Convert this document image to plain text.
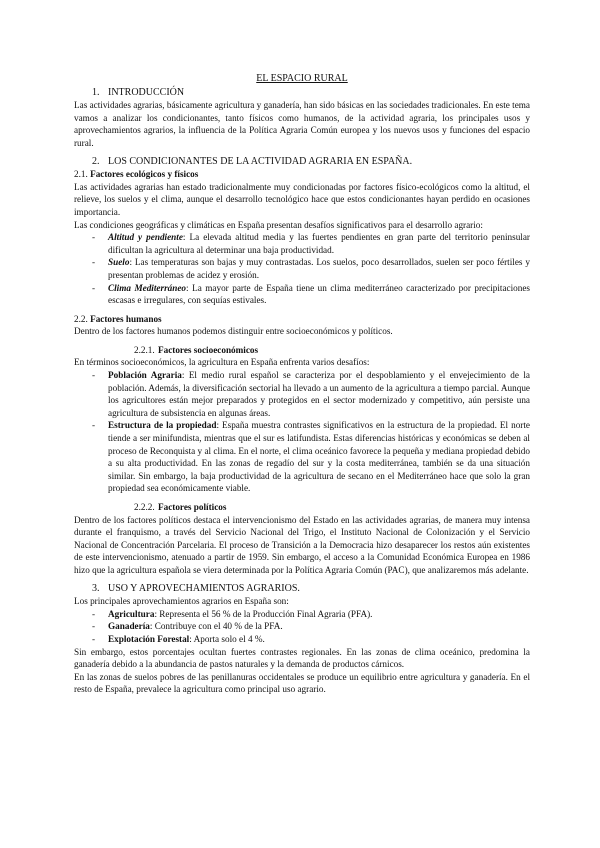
EL ESPACIO RURAL
1. INTRODUCCIÓN

Las actividades agrarias, básicamente agricultura y ganadería, han sido básicas en las sociedades tradicionales. En este tema vamos a analizar los condicionantes, tanto físicos como humanos, de la actividad agraria, los principales usos y aprovechamientos agrarios, la influencia de la Política Agraria Común europea y los nuevos usos y funciones del espacio rural.

2. LOS CONDICIONANTES DE LA ACTIVIDAD AGRARIA EN ESPAÑA.
2.1. Factores ecológicos y físicos

Las actividades agrarias han estado tradicionalmente muy condicionadas por factores físico-ecológicos como la altitud, el relieve, los suelos y el clima, aunque el desarrollo tecnológico hace que estos condicionantes hayan perdido en ocasiones importancia.

Las condiciones geográficas y climáticas en España presentan desafíos significativos para el desarrollo agrario:

- Altitud y pendiente: La elevada altitud media y las fuertes pendientes en gran parte del territorio peninsular dificultan la agricultura al determinar una baja productividad.
- Suelo: Las temperaturas son bajas y muy contrastadas. Los suelos, poco desarrollados, suelen ser poco fértiles y presentan problemas de acidez y erosión.
- Clima Mediterráneo: La mayor parte de España tiene un clima mediterráneo caracterizado por precipitaciones escasas e irregulares, con sequías estivales.
2.2. Factores humanos

Dentro de los factores humanos podemos distinguir entre socioeconómicos y políticos.

2.2.1. Factores socioeconómicos

En términos socioeconómicos, la agricultura en España enfrenta varios desafíos:

- Población Agraria: El medio rural español se caracteriza por el despoblamiento y el envejecimiento de la población. Además, la diversificación sectorial ha llevado a un aumento de la agricultura a tiempo parcial. Aunque los agricultores están mejor preparados y protegidos en el sector modernizado y competitivo, aún persiste una agricultura de subsistencia en algunas áreas.
- Estructura de la propiedad: España muestra contrastes significativos en la estructura de la propiedad. El norte tiende a ser minifundista, mientras que el sur es latifundista. Estas diferencias históricas y económicas se deben al proceso de Reconquista y al clima. En el norte, el clima oceánico favorece la pequeña y mediana propiedad debido a su alta productividad. En las zonas de regadío del sur y la costa mediterránea, también se da una situación similar. Sin embargo, la baja productividad de la agricultura de secano en el Mediterráneo hace que solo la gran propiedad sea económicamente viable.
2.2.2. Factores políticos

Dentro de los factores políticos destaca el intervencionismo del Estado en las actividades agrarias, de manera muy intensa durante el franquismo, a través del Servicio Nacional del Trigo, el Instituto Nacional de Colonización y el Servicio Nacional de Concentración Parcelaria. El proceso de Transición a la Democracia hizo desaparecer los restos aún existentes de este intervencionismo, atenuado a partir de 1959. Sin embargo, el acceso a la Comunidad Económica Europea en 1986 hizo que la agricultura española se viera determinada por la Política Agraria Común (PAC), que analizaremos más adelante.

3. USO Y APROVECHAMIENTOS AGRARIOS.

Los principales aprovechamientos agrarios en España son:

- Agricultura: Representa el 56 % de la Producción Final Agraria (PFA).
- Ganadería: Contribuye con el 40 % de la PFA.
- Explotación Forestal: Aporta solo el 4 %.

Sin embargo, estos porcentajes ocultan fuertes contrastes regionales. En las zonas de clima oceánico, predomina la ganadería debido a la abundancia de pastos naturales y la demanda de productos cárnicos.

En las zonas de suelos pobres de las penillanuras occidentales se produce un equilibrio entre agricultura y ganadería. En el resto de España, prevalece la agricultura como principal uso agrario.
